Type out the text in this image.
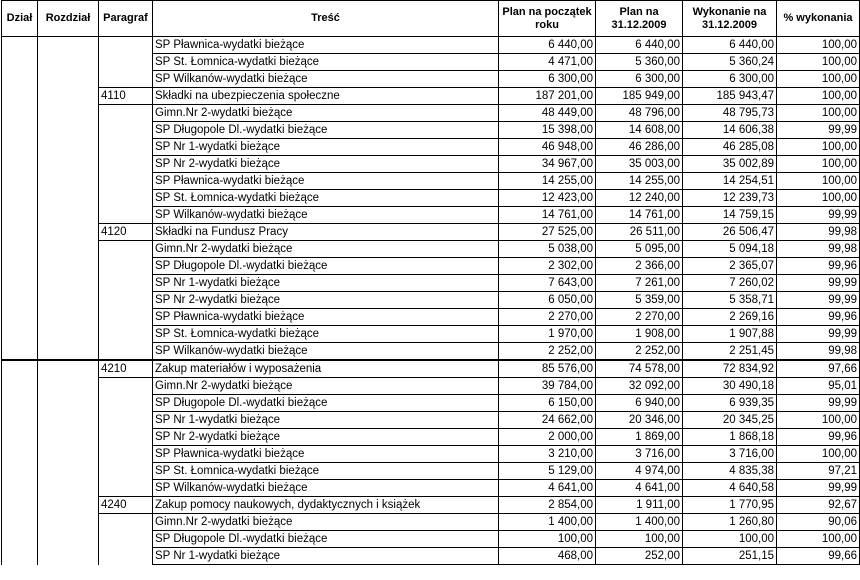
Dział	Rozdział	Paragraf	Treść	Plan na początek roku	Plan na 31.12.2009	Wykonanie na 31.12.2009	% wykonania
			SP Pławnica-wydatki bieżące	6 440,00	6 440,00	6 440,00	100,00
			SP St. Łomnica-wydatki bieżące	4 471,00	5 360,00	5 360,24	100,00
			SP Wilkanów-wydatki bieżące	6 300,00	6 300,00	6 300,00	100,00
		4110	Składki na ubezpieczenia społeczne	187 201,00	185 949,00	185 943,47	100,00
			Gimn.Nr 2-wydatki bieżące	48 449,00	48 796,00	48 795,73	100,00
			SP Długopole Dl.-wydatki bieżące	15 398,00	14 608,00	14 606,38	99,99
			SP Nr 1-wydatki bieżące	46 948,00	46 286,00	46 285,08	100,00
			SP Nr 2-wydatki bieżące	34 967,00	35 003,00	35 002,89	100,00
			SP Pławnica-wydatki bieżące	14 255,00	14 255,00	14 254,51	100,00
			SP St. Łomnica-wydatki bieżące	12 423,00	12 240,00	12 239,73	100,00
			SP Wilkanów-wydatki bieżące	14 761,00	14 761,00	14 759,15	99,99
		4120	Składki na Fundusz Pracy	27 525,00	26 511,00	26 506,47	99,98
			Gimn.Nr 2-wydatki bieżące	5 038,00	5 095,00	5 094,18	99,98
			SP Długopole Dl.-wydatki bieżące	2 302,00	2 366,00	2 365,07	99,96
			SP Nr 1-wydatki bieżące	7 643,00	7 261,00	7 260,02	99,99
			SP Nr 2-wydatki bieżące	6 050,00	5 359,00	5 358,71	99,99
			SP Pławnica-wydatki bieżące	2 270,00	2 270,00	2 269,16	99,96
			SP St. Łomnica-wydatki bieżące	1 970,00	1 908,00	1 907,88	99,99
			SP Wilkanów-wydatki bieżące	2 252,00	2 252,00	2 251,45	99,98
		4210	Zakup materiałów i wyposażenia	85 576,00	74 578,00	72 834,92	97,66
			Gimn.Nr 2-wydatki bieżące	39 784,00	32 092,00	30 490,18	95,01
			SP Długopole Dl.-wydatki bieżące	6 150,00	6 940,00	6 939,35	99,99
			SP Nr 1-wydatki bieżące	24 662,00	20 346,00	20 345,25	100,00
			SP Nr 2-wydatki bieżące	2 000,00	1 869,00	1 868,18	99,96
			SP Pławnica-wydatki bieżące	3 210,00	3 716,00	3 716,00	100,00
			SP St. Łomnica-wydatki bieżące	5 129,00	4 974,00	4 835,38	97,21
			SP Wilkanów-wydatki bieżące	4 641,00	4 641,00	4 640,58	99,99
		4240	Zakup pomocy naukowych, dydaktycznych i książek	2 854,00	1 911,00	1 770,95	92,67
			Gimn.Nr 2-wydatki bieżące	1 400,00	1 400,00	1 260,80	90,06
			SP Długopole Dl.-wydatki bieżące	100,00	100,00	100,00	100,00
			SP Nr 1-wydatki bieżące	468,00	252,00	251,15	99,66
